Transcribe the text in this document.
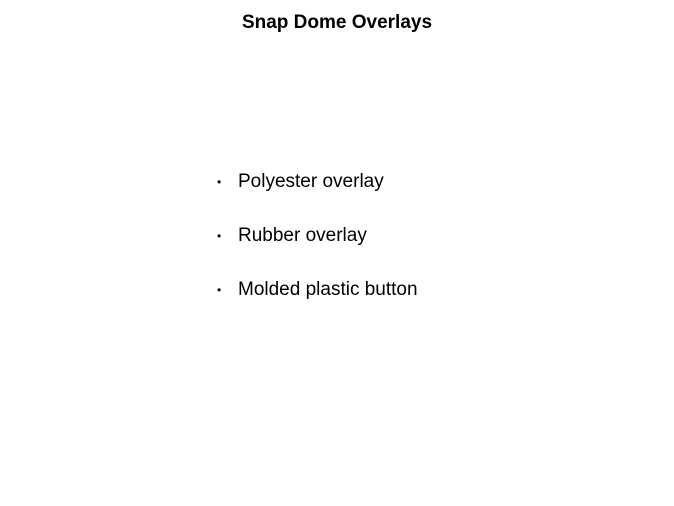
Snap Dome Overlays
• Polyester overlay
• Rubber overlay
• Molded plastic button
